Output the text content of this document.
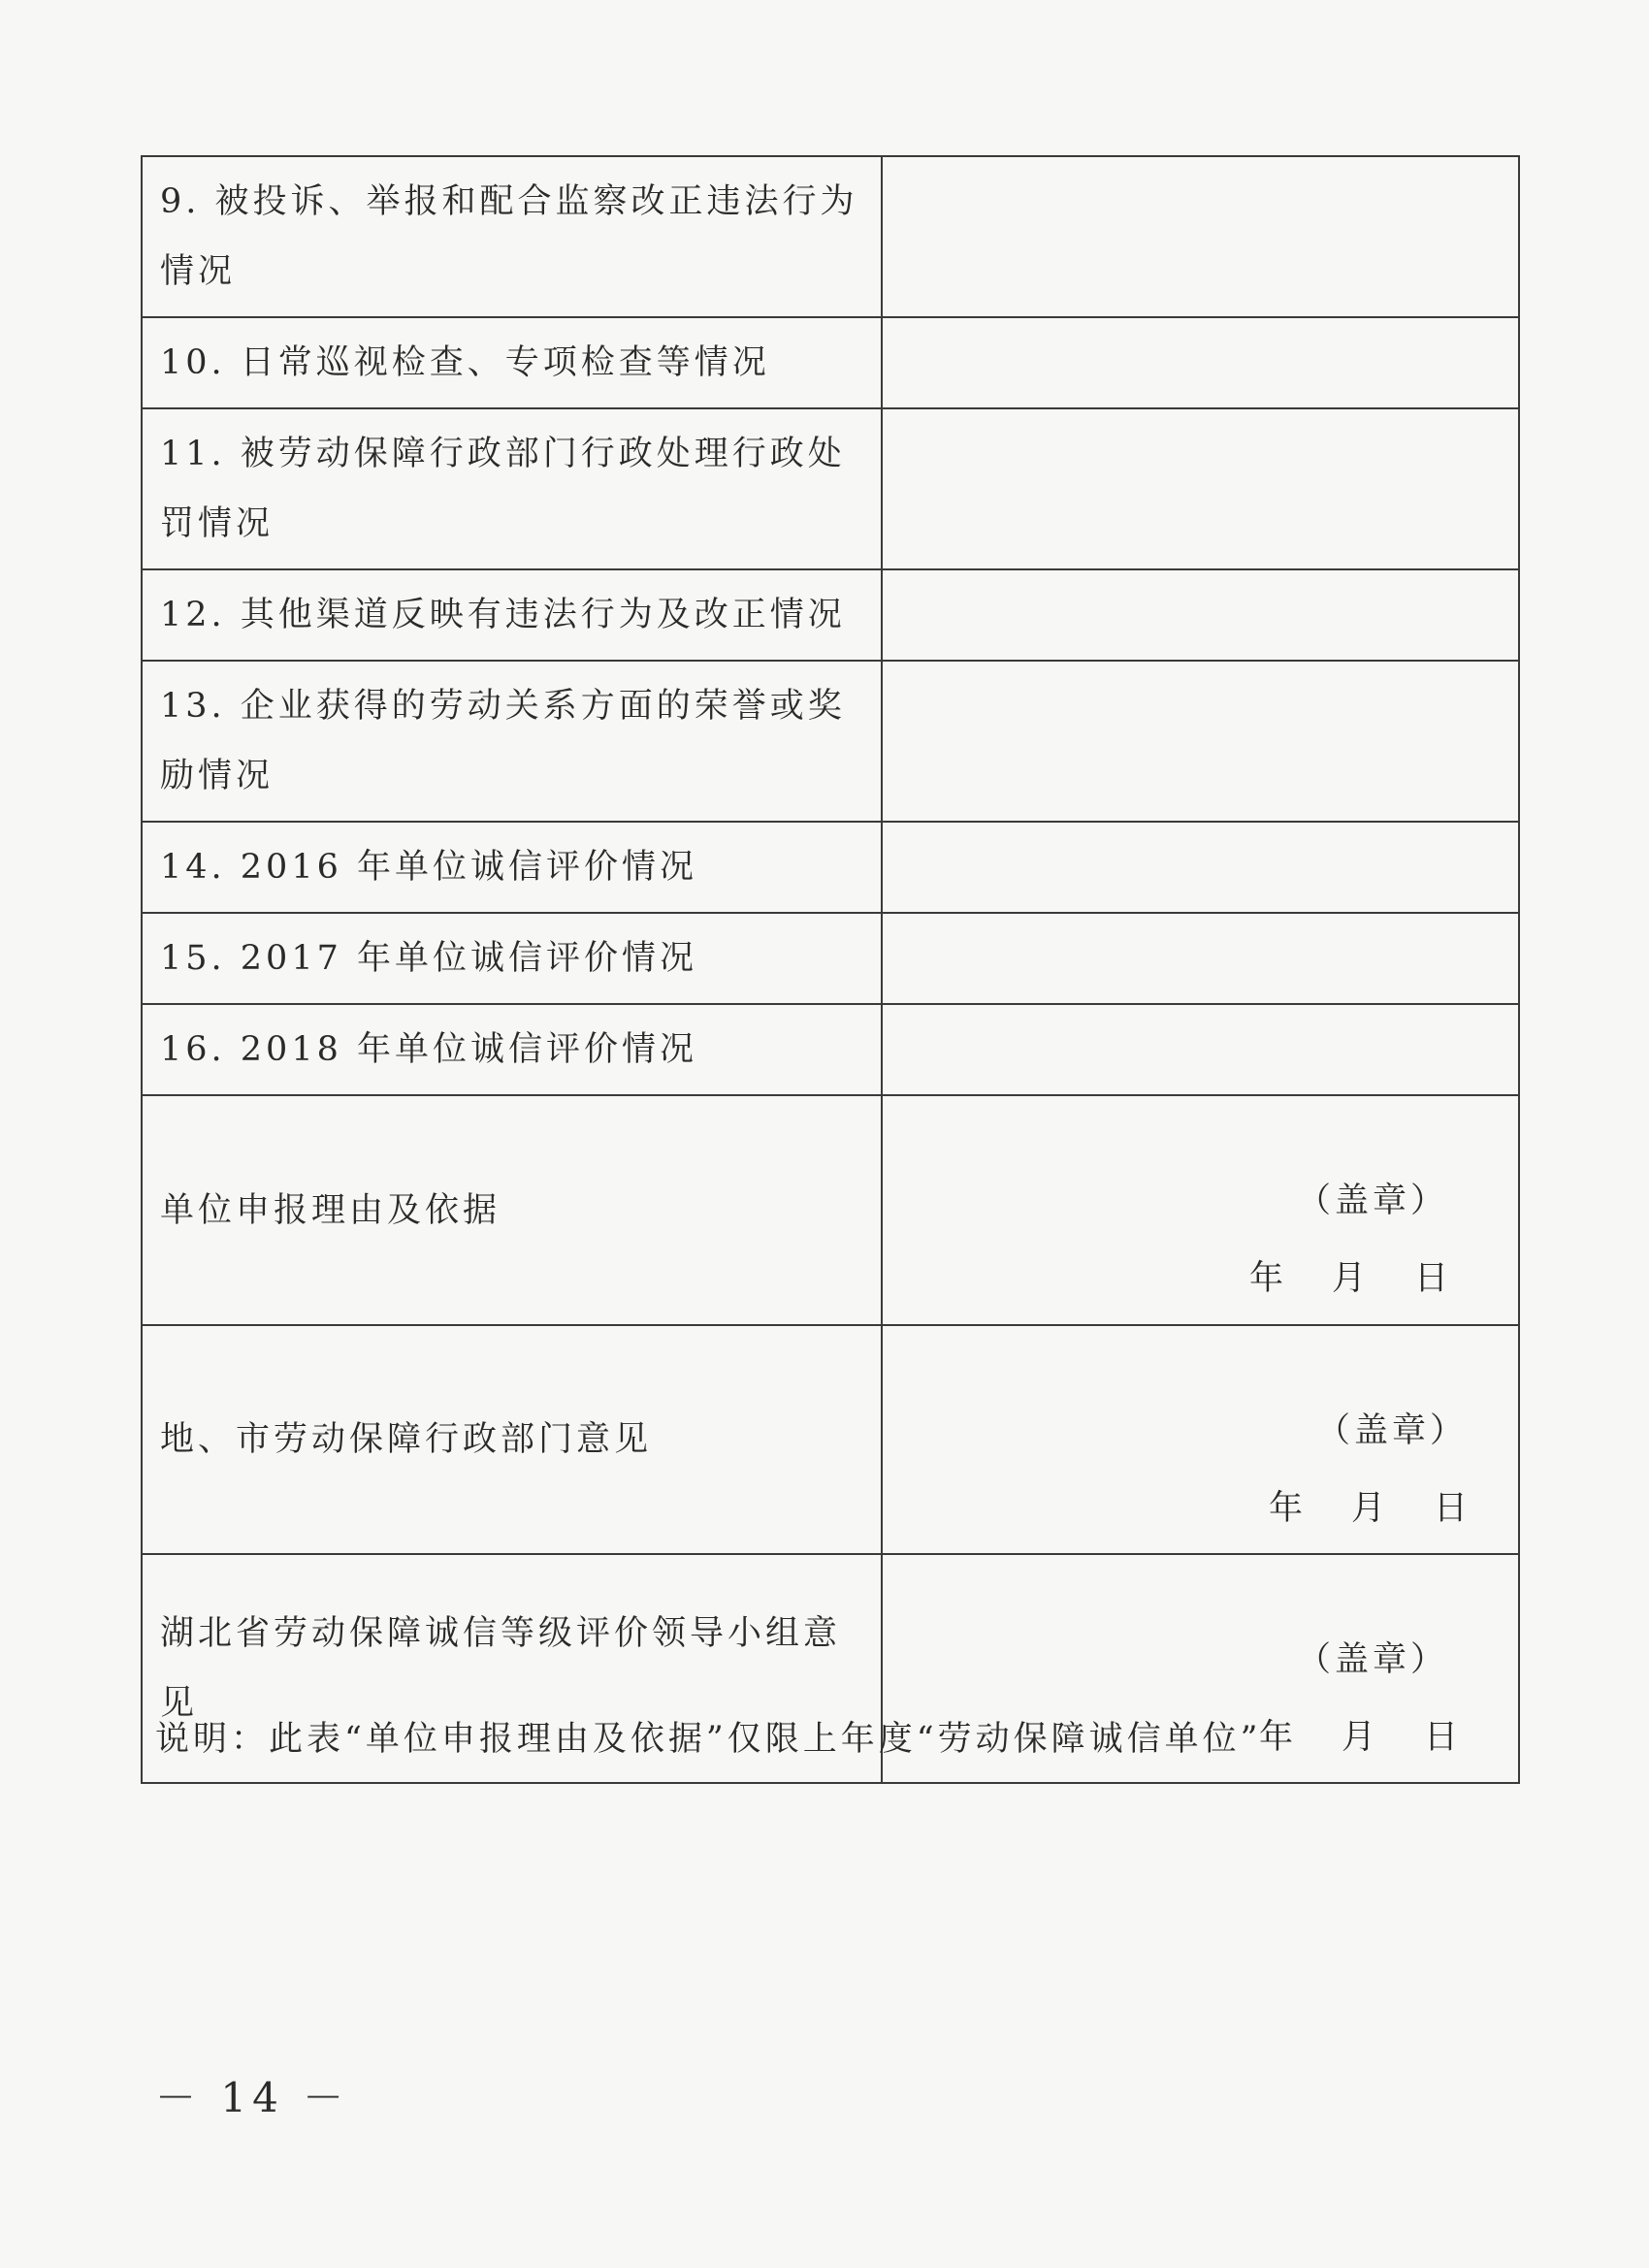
9. 被投诉、举报和配合监察改正违法行为情况	
10. 日常巡视检查、专项检查等情况	
11. 被劳动保障行政部门行政处理行政处罚情况	
12. 其他渠道反映有违法行为及改正情况	
13. 企业获得的劳动关系方面的荣誉或奖励情况	
14. 2016 年单位诚信评价情况	
15. 2017 年单位诚信评价情况	
16. 2018 年单位诚信评价情况	
单位申报理由及依据	（盖章）
年 月 日

地、市劳动保障行政部门意见	（盖章）
年 月 日

湖北省劳动保障诚信等级评价领导小组意见	（盖章）
年 月 日
说明：此表“单位申报理由及依据”仅限上年度“劳动保障诚信单位”
－ 14 －
